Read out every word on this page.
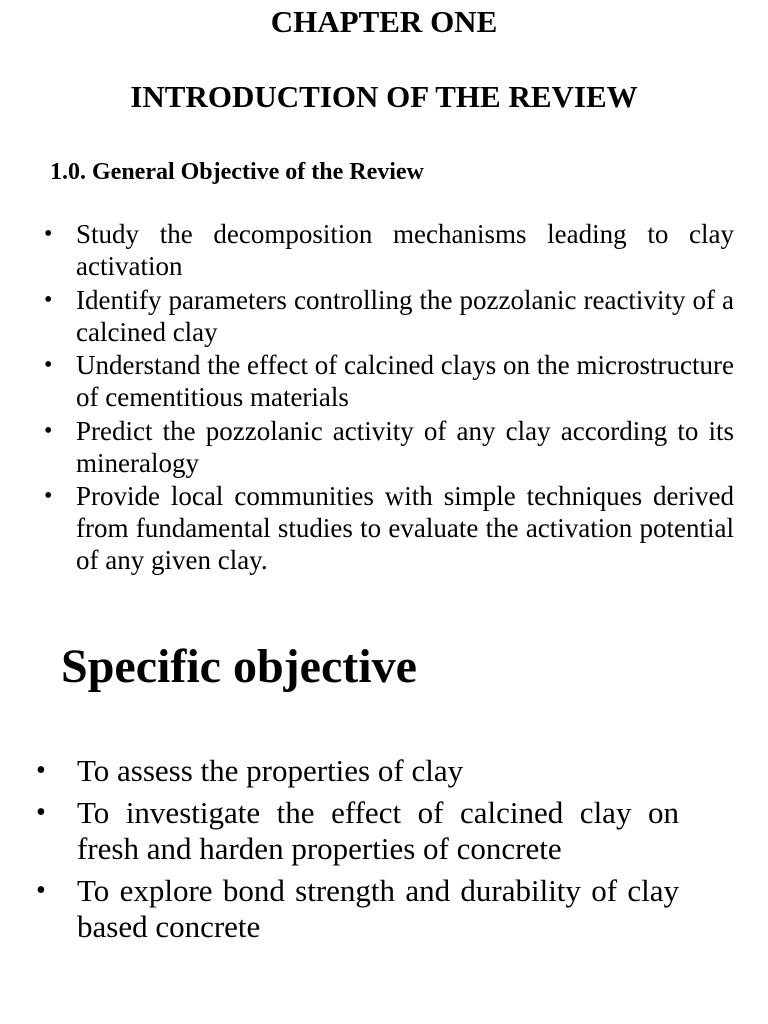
CHAPTER ONE
INTRODUCTION OF THE REVIEW
1.0. General Objective of the Review
• Study the decomposition mechanisms leading to clay activation
• Identify parameters controlling the pozzolanic reactivity of a calcined clay
• Understand the effect of calcined clays on the microstructure of cementitious materials
• Predict the pozzolanic activity of any clay according to its mineralogy
• Provide local communities with simple techniques derived from fundamental studies to evaluate the activation potential of any given clay.
Specific objective
• To assess the properties of clay
• To investigate the effect of calcined clay on fresh and harden properties of concrete
• To explore bond strength and durability of clay based concrete
